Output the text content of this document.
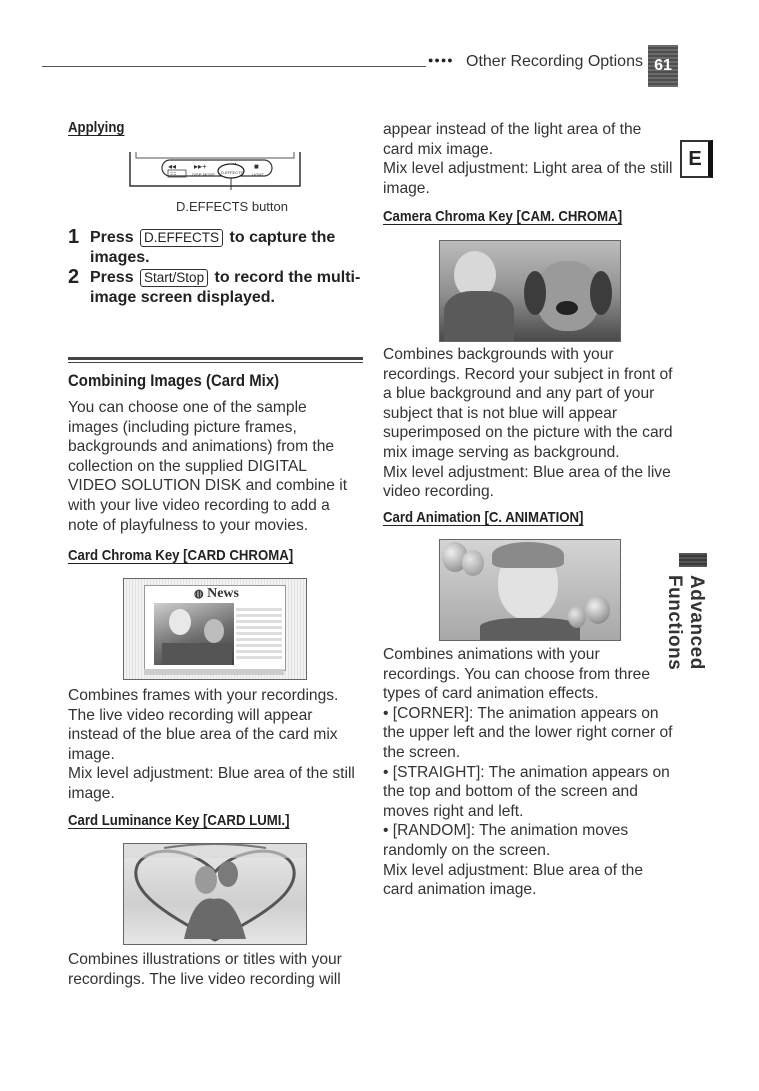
●●●● Other Recording Options 61
E
Advanced Functions
Applying
◂◂ ▸▸+	■
ΞΞ	DISP. MODE D.EFFECTS LIGHT
D.EFFECTS button
1 Press D.EFFECTS to capture the
images.
2 Press Start/Stop to record the multi-
image screen displayed.
Combining Images (Card Mix)
You can choose one of the sample
images (including picture frames,
backgrounds and animations) from the
collection on the supplied DIGITAL
VIDEO SOLUTION DISK and combine it
with your live video recording to add a
note of playfulness to your movies.
Card Chroma Key [CARD CHROMA]
◍ News
Combines frames with your recordings.
The live video recording will appear
instead of the blue area of the card mix
image.
Mix level adjustment: Blue area of the still
image.
Card Luminance Key [CARD LUMI.]
Combines illustrations or titles with your
recordings. The live video recording will
appear instead of the light area of the
card mix image.
Mix level adjustment: Light area of the still
image.
Camera Chroma Key [CAM. CHROMA]
Combines backgrounds with your
recordings. Record your subject in front of
a blue background and any part of your
subject that is not blue will appear
superimposed on the picture with the card
mix image serving as background.
Mix level adjustment: Blue area of the live
video recording.
Card Animation [C. ANIMATION]
Combines animations with your
recordings. You can choose from three
types of card animation effects.
• [CORNER]: The animation appears on
the upper left and the lower right corner of
the screen.
• [STRAIGHT]: The animation appears on
the top and bottom of the screen and
moves right and left.
• [RANDOM]: The animation moves
randomly on the screen.
Mix level adjustment: Blue area of the
card animation image.
